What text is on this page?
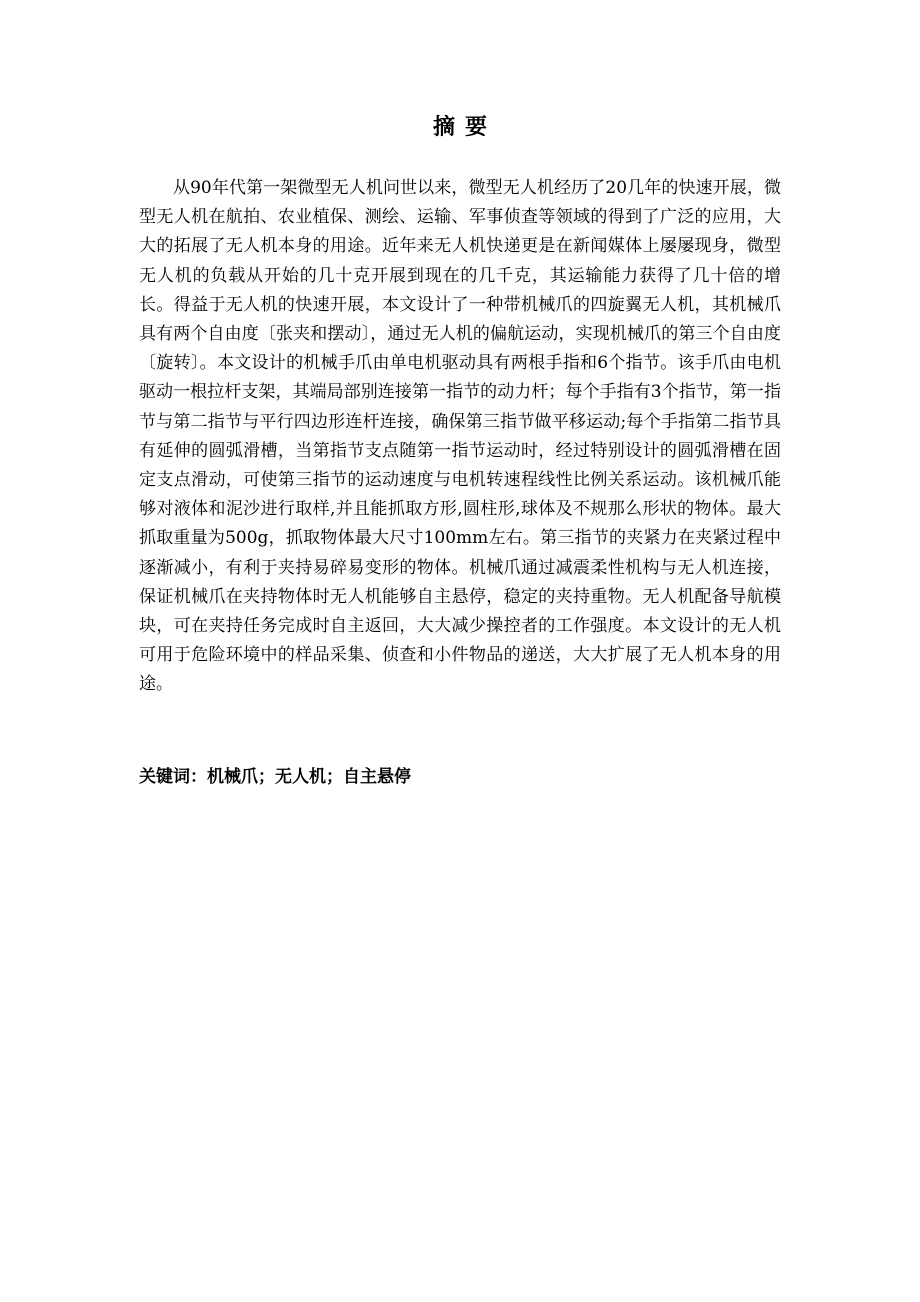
摘要

从90年代第一架微型无人机问世以来，微型无人机经历了20几年的快速开展，微型无人机在航拍、农业植保、测绘、运输、军事侦查等领域的得到了广泛的应用，大大的拓展了无人机本身的用途。近年来无人机快递更是在新闻媒体上屡屡现身，微型无人机的负载从开始的几十克开展到现在的几千克，其运输能力获得了几十倍的增长。得益于无人机的快速开展，本文设计了一种带机械爪的四旋翼无人机，其机械爪具有两个自由度〔张夹和摆动〕，通过无人机的偏航运动，实现机械爪的第三个自由度〔旋转〕。本文设计的机械手爪由单电机驱动具有两根手指和6个指节。该手爪由电机驱动一根拉杆支架，其端局部别连接第一指节的动力杆；每个手指有3个指节，第一指节与第二指节与平行四边形连杆连接，确保第三指节做平移运动;每个手指第二指节具有延伸的圆弧滑槽，当第指节支点随第一指节运动时，经过特别设计的圆弧滑槽在固定支点滑动，可使第三指节的运动速度与电机转速程线性比例关系运动。该机械爪能够对液体和泥沙进行取样,并且能抓取方形,圆柱形,球体及不规那么形状的物体。最大抓取重量为500g，抓取物体最大尺寸100mm左右。第三指节的夹紧力在夹紧过程中逐渐减小，有利于夹持易碎易变形的物体。机械爪通过减震柔性机构与无人机连接，保证机械爪在夹持物体时无人机能够自主悬停，稳定的夹持重物。无人机配备导航模块，可在夹持任务完成时自主返回，大大减少操控者的工作强度。本文设计的无人机可用于危险环境中的样品采集、侦查和小件物品的递送，大大扩展了无人机本身的用途。

关键词：机械爪；无人机；自主悬停
